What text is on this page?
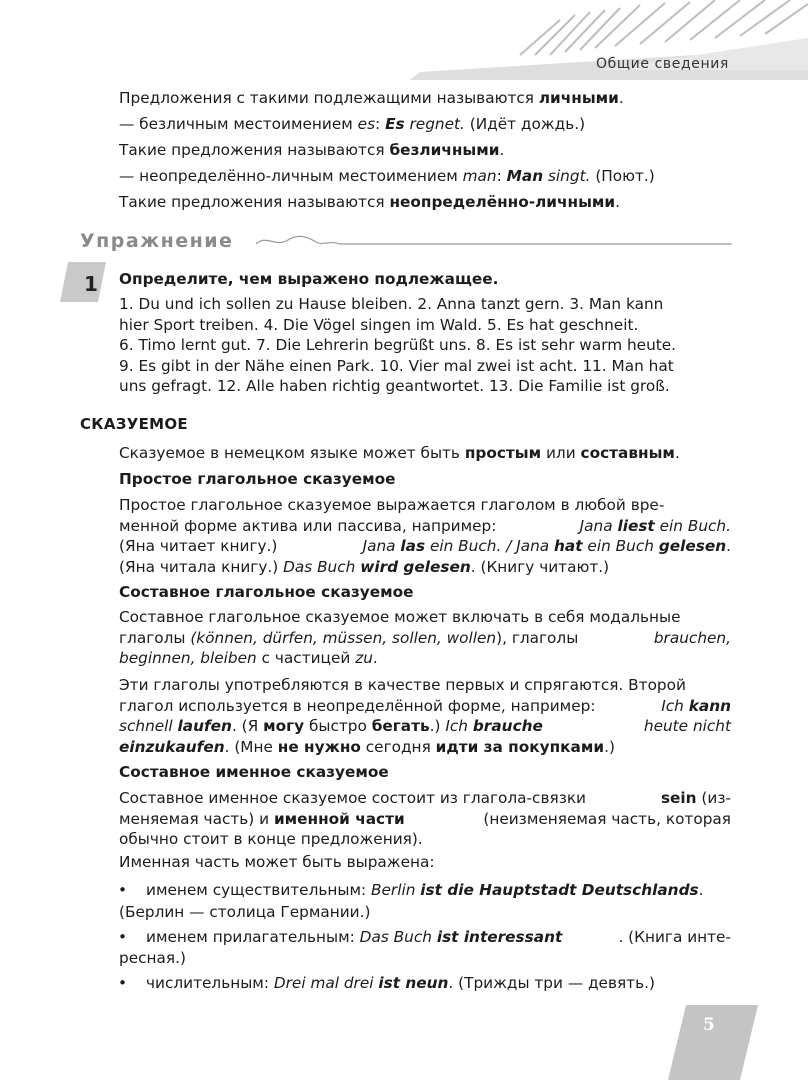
Общие сведения
Предложения с такими подлежащими называются личными.
— безличным местоимением es: Es regnet. (Идёт дождь.)
Такие предложения называются безличными.
— неопределённо-личным местоимением man: Man singt. (Поют.)
Такие предложения называются неопределённо-личными.
Упражнение
1 Определите, чем выражено подлежащее.
1. Du und ich sollen zu Hause bleiben. 2. Anna tanzt gern. 3. Man kann
hier Sport treiben. 4. Die Vögel singen im Wald. 5. Es hat geschneit.
6. Timo lernt gut. 7. Die Lehrerin begrüßt uns. 8. Es ist sehr warm heute.
9. Es gibt in der Nähe einen Park. 10. Vier mal zwei ist acht. 11. Man hat
uns gefragt. 12. Alle haben richtig geantwortet. 13. Die Familie ist groß.
СКАЗУЕМОЕ
Сказуемое в немецком языке может быть простым или составным.
Простое глагольное сказуемое
Простое глагольное сказуемое выражается глаголом в любой вре-
менной форме актива или пассива, например:	Jana liest ein Buch.
(Яна читает книгу.)	Jana las ein Buch. / Jana hat ein Buch gelesen.
(Яна читала книгу.) Das Buch wird gelesen . (Книгу читают.)
Составное глагольное сказуемое
Составное глагольное сказуемое может включать в себя модальные
глаголы (können, dürfen, müssen, sollen, wollen), глаголы	brauchen,
beginnen, bleiben с частицей zu .
Эти глаголы употребляются в качестве первых и спрягаются. Второй
глагол используется в неопределённой форме, например:	Ich kann
schnell laufen. (Я могу быстро бегать.) Ich brauche	heute nicht
einzukaufen . (Мне не нужно сегодня идти за покупками .)
Составное именное сказуемое
Составное именное сказуемое состоит из глагола-связки	sein (из-
меняемая часть) и именной части	(неизменяемая часть, которая
обычно стоит в конце предложения).
Именная часть может быть выражена:
• именем существительным: Berlin ist die Hauptstadt Deutschlands.
(Берлин — столица Германии.)
• именем прилагательным: Das Buch ist interessant	. (Книга инте-
ресная.)
• числительным: Drei mal drei ist neun. (Трижды три — девять.)
5
